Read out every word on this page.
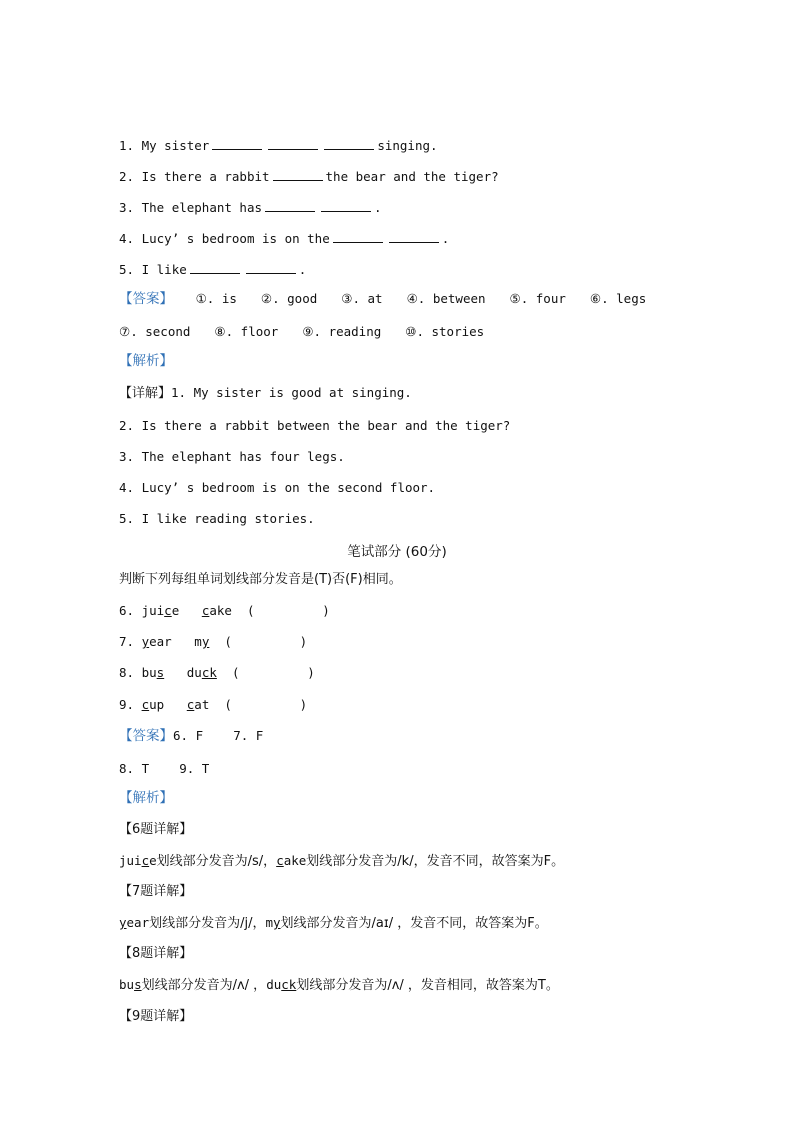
1. My sister	singing.
2. Is there a rabbit	the bear and the tiger?
3. The elephant has	.
4. Lucy’ s bedroom is on the	.
5. I like	.
【答案】 ①. is ②. good ③. at ④. between ⑤. four ⑥. legs
⑦. second ⑧. floor ⑨. reading ⑩. stories
【解析】
【详解】1. My sister is good at singing.
2. Is there a rabbit between the bear and the tiger?
3. The elephant has four legs.
4. Lucy’ s bedroom is on the second floor.
5. I like reading stories.
笔试部分 (60分)
判断下列每组单词划线部分发音是(T)否(F)相同。
6. juice cake (         )
7. year my (         )
8. bus duck (         )
9. cup cat (         )
【答案】6. F    7. F
8. T    9. T
【解析】
【6题详解】
juice划线部分发音为/s/，cake划线部分发音为/k/，发音不同，故答案为F。
【7题详解】
year划线部分发音为/j/，my划线部分发音为/aɪ/ ，发音不同，故答案为F。
【8题详解】
bus划线部分发音为/ʌ/ ，duck划线部分发音为/ʌ/ ，发音相同，故答案为T。
【9题详解】
